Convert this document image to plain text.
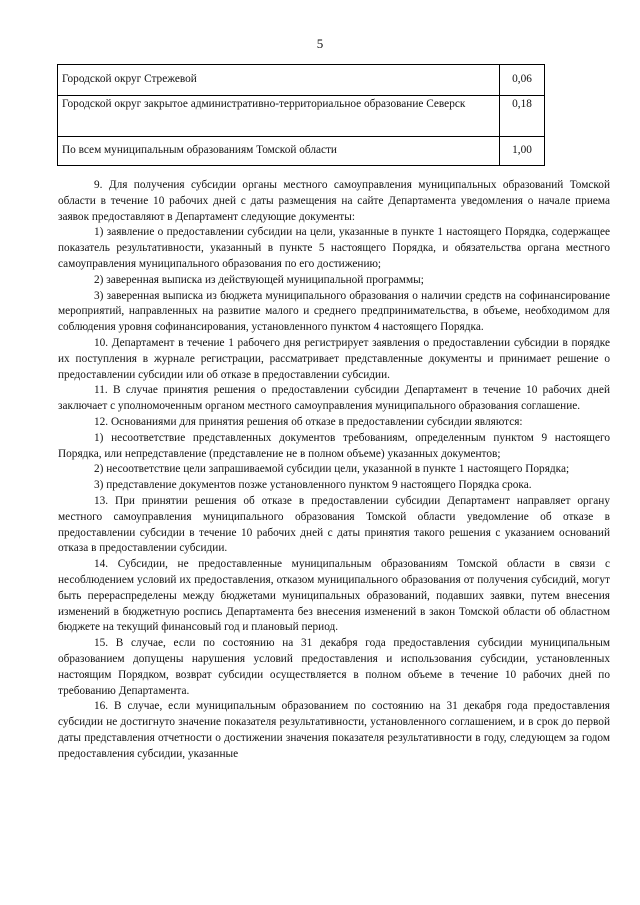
5
Городской округ Стрежевой	0,06
Городской округ закрытое административно-территориальное образование Северск	0,18
По всем муниципальным образованиям Томской области	1,00

9. Для получения субсидии органы местного самоуправления муниципальных образований Томской области в течение 10 рабочих дней с даты размещения на сайте Департамента уведомления о начале приема заявок предоставляют в Департамент следующие документы:

1) заявление о предоставлении субсидии на цели, указанные в пункте 1 настоящего Порядка, содержащее показатель результативности, указанный в пункте 5 настоящего Порядка, и обязательства органа местного самоуправления муниципального образования по его достижению;

2) заверенная выписка из действующей муниципальной программы;

3) заверенная выписка из бюджета муниципального образования о наличии средств на софинансирование мероприятий, направленных на развитие малого и среднего предпринимательства, в объеме, необходимом для соблюдения уровня софинансирования, установленного пунктом 4 настоящего Порядка.

10. Департамент в течение 1 рабочего дня регистрирует заявления о предоставлении субсидии в порядке их поступления в журнале регистрации, рассматривает представленные документы и принимает решение о предоставлении субсидии или об отказе в предоставлении субсидии.

11. В случае принятия решения о предоставлении субсидии Департамент в течение 10 рабочих дней заключает с уполномоченным органом местного самоуправления муниципального образования соглашение.

12. Основаниями для принятия решения об отказе в предоставлении субсидии являются:

1) несоответствие представленных документов требованиям, определенным пунктом 9 настоящего Порядка, или непредставление (представление не в полном объеме) указанных документов;

2) несоответствие цели запрашиваемой субсидии цели, указанной в пункте 1 настоящего Порядка;

3) представление документов позже установленного пунктом 9 настоящего Порядка срока.

13. При принятии решения об отказе в предоставлении субсидии Департамент направляет органу местного самоуправления муниципального образования Томской области уведомление об отказе в предоставлении субсидии в течение 10 рабочих дней с даты принятия такого решения с указанием оснований отказа в предоставлении субсидии.

14. Субсидии, не предоставленные муниципальным образованиям Томской области в связи с несоблюдением условий их предоставления, отказом муниципального образования от получения субсидий, могут быть перераспределены между бюджетами муниципальных образований, подавших заявки, путем внесения изменений в бюджетную роспись Департамента без внесения изменений в закон Томской области об областном бюджете на текущий финансовый год и плановый период.

15. В случае, если по состоянию на 31 декабря года предоставления субсидии муниципальным образованием допущены нарушения условий предоставления и использования субсидии, установленных настоящим Порядком, возврат субсидии осуществляется в полном объеме в течение 10 рабочих дней по требованию Департамента.

16. В случае, если муниципальным образованием по состоянию на 31 декабря года предоставления субсидии не достигнуто значение показателя результативности, установленного соглашением, и в срок до первой даты представления отчетности о достижении значения показателя результативности в году, следующем за годом предоставления субсидии, указанные
